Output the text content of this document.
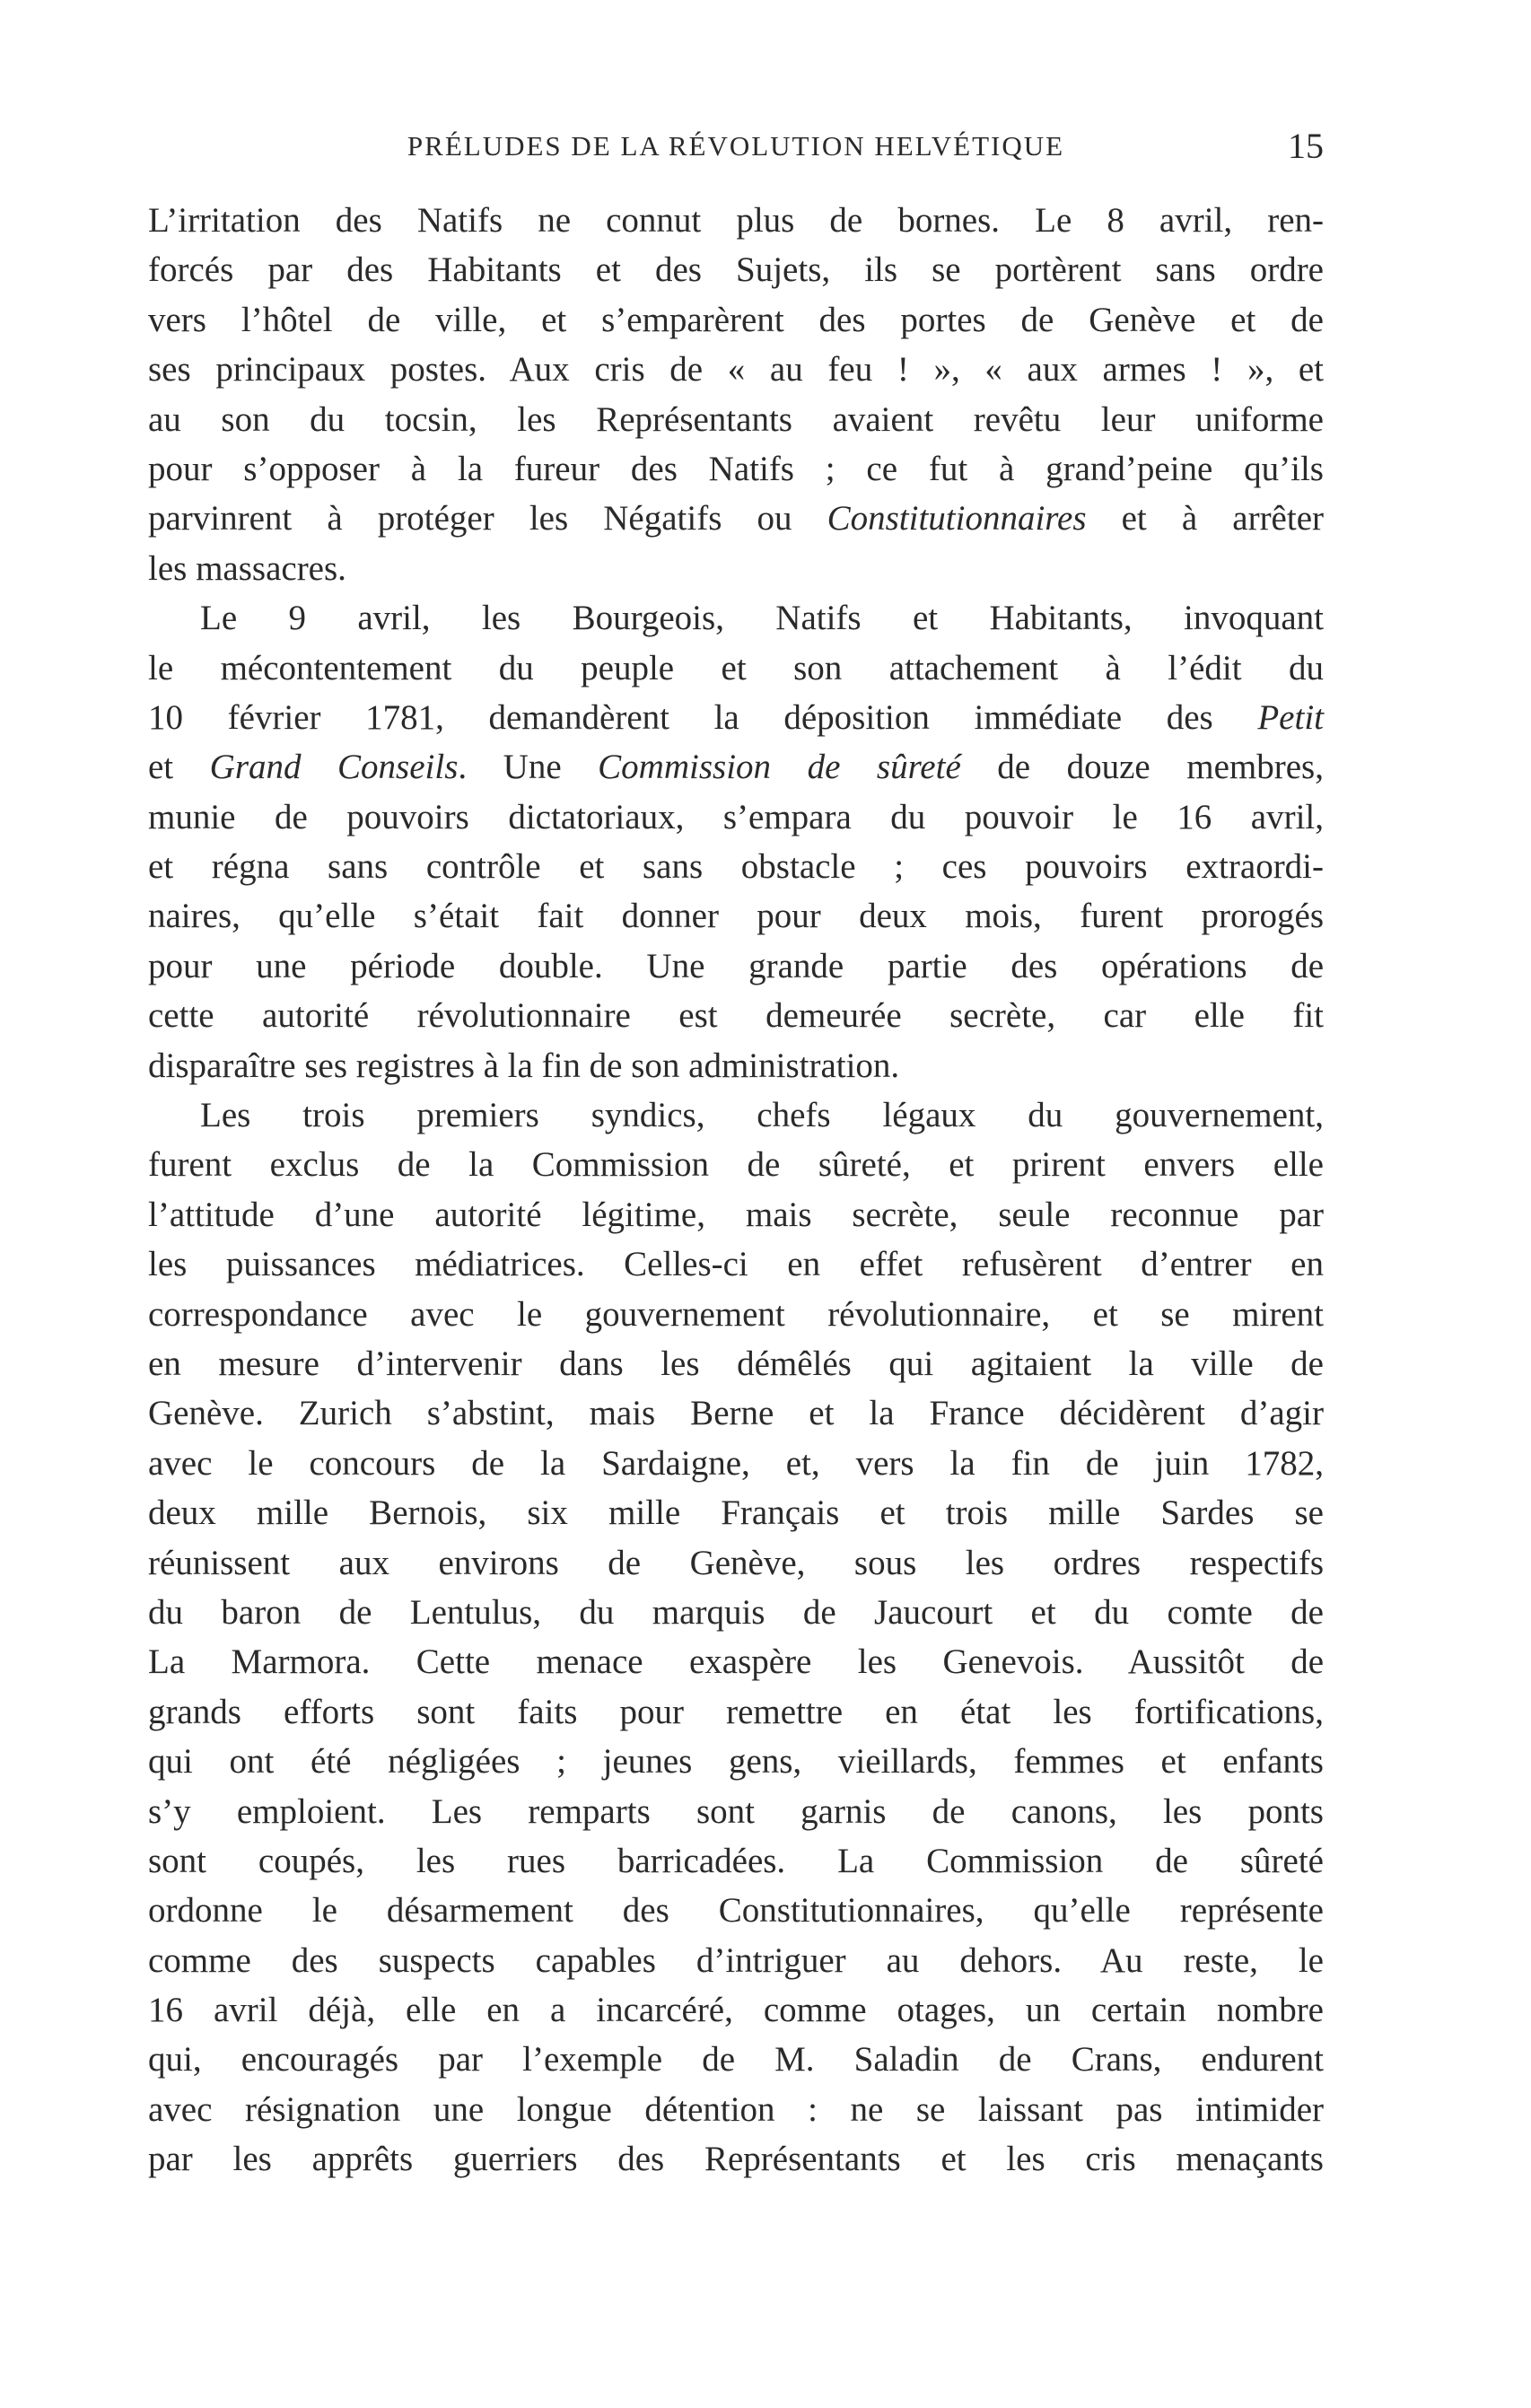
PRÉLUDES DE LA RÉVOLUTION HELVÉTIQUE	15
L’irritation des Natifs ne connut plus de bornes. Le 8 avril, ren-
forcés par des Habitants et des Sujets, ils se portèrent sans ordre
vers l’hôtel de ville, et s’emparèrent des portes de Genève et de
ses principaux postes. Aux cris de « au feu ! », « aux armes ! », et
au son du tocsin, les Représentants avaient revêtu leur uniforme
pour s’opposer à la fureur des Natifs ; ce fut à grand’peine qu’ils
parvinrent à protéger les Négatifs ou Constitutionnaires et à arrêter
les massacres.
Le 9 avril, les Bourgeois, Natifs et Habitants, invoquant
le mécontentement du peuple et son attachement à l’édit du
10 février 1781, demandèrent la déposition immédiate des Petit
et Grand Conseils. Une Commission de sûreté de douze membres,
munie de pouvoirs dictatoriaux, s’empara du pouvoir le 16 avril,
et régna sans contrôle et sans obstacle ; ces pouvoirs extraordi-
naires, qu’elle s’était fait donner pour deux mois, furent prorogés
pour une période double. Une grande partie des opérations de
cette autorité révolutionnaire est demeurée secrète, car elle fit
disparaître ses registres à la fin de son administration.
Les trois premiers syndics, chefs légaux du gouvernement,
furent exclus de la Commission de sûreté, et prirent envers elle
l’attitude d’une autorité légitime, mais secrète, seule reconnue par
les puissances médiatrices. Celles-ci en effet refusèrent d’entrer en
correspondance avec le gouvernement révolutionnaire, et se mirent
en mesure d’intervenir dans les démêlés qui agitaient la ville de
Genève. Zurich s’abstint, mais Berne et la France décidèrent d’agir
avec le concours de la Sardaigne, et, vers la fin de juin 1782,
deux mille Bernois, six mille Français et trois mille Sardes se
réunissent aux environs de Genève, sous les ordres respectifs
du baron de Lentulus, du marquis de Jaucourt et du comte de
La Marmora. Cette menace exaspère les Genevois. Aussitôt de
grands efforts sont faits pour remettre en état les fortifications,
qui ont été négligées ; jeunes gens, vieillards, femmes et enfants
s’y emploient. Les remparts sont garnis de canons, les ponts
sont coupés, les rues barricadées. La Commission de sûreté
ordonne le désarmement des Constitutionnaires, qu’elle représente
comme des suspects capables d’intriguer au dehors. Au reste, le
16 avril déjà, elle en a incarcéré, comme otages, un certain nombre
qui, encouragés par l’exemple de M. Saladin de Crans, endurent
avec résignation une longue détention : ne se laissant pas intimider
par les apprêts guerriers des Représentants et les cris menaçants
